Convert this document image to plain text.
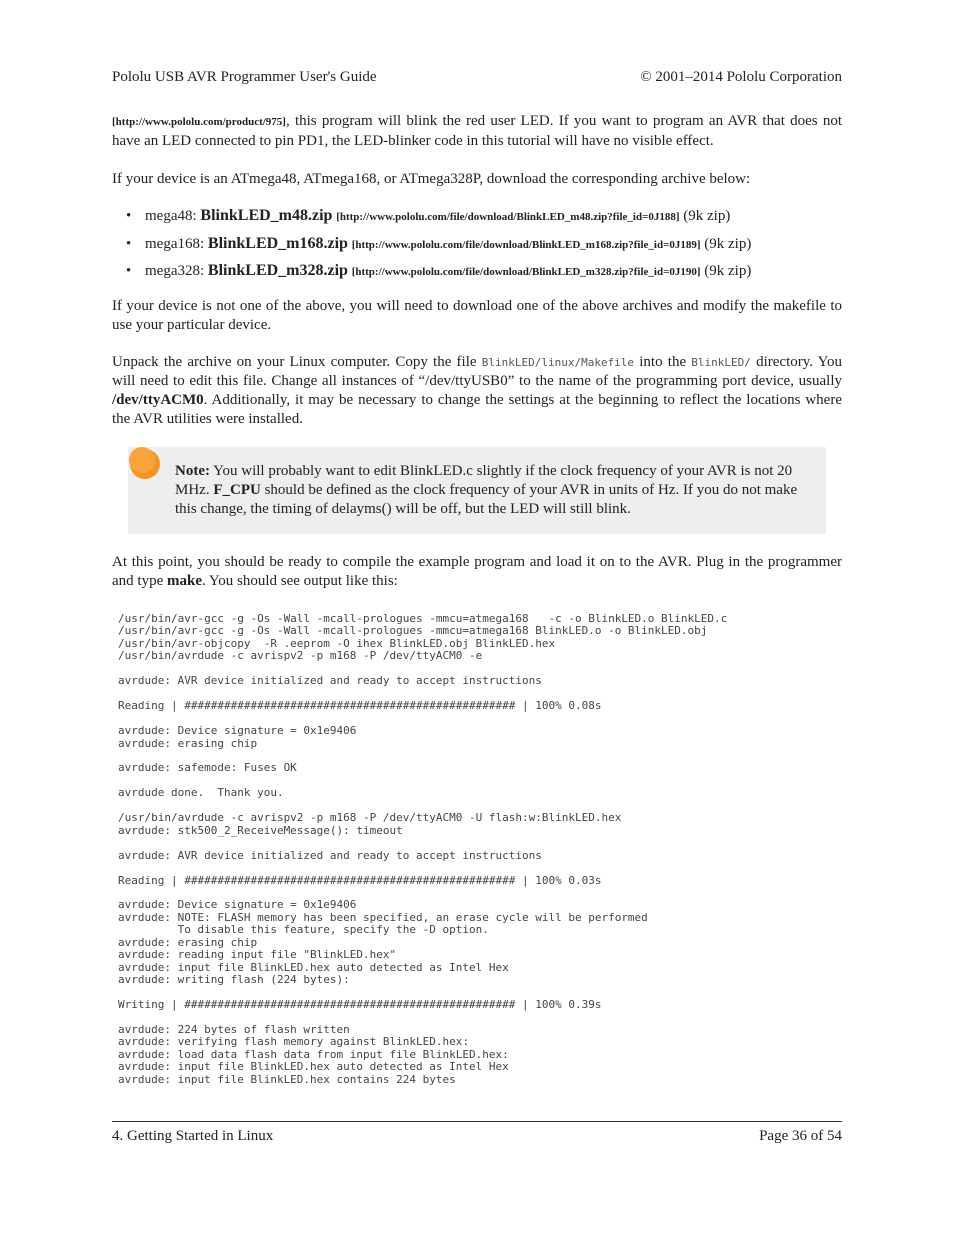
Pololu USB AVR Programmer User's Guide	© 2001–2014 Pololu Corporation
[http://www.pololu.com/product/975], this program will blink the red user LED. If you want to program an AVR that does not have an LED connected to pin PD1, the LED-blinker code in this tutorial will have no visible effect.
If your device is an ATmega48, ATmega168, or ATmega328P, download the corresponding archive below:
• mega48: BlinkLED_m48.zip [http://www.pololu.com/file/download/BlinkLED_m48.zip?file_id=0J188] (9k zip)
• mega168: BlinkLED_m168.zip [http://www.pololu.com/file/download/BlinkLED_m168.zip?file_id=0J189] (9k zip)
• mega328: BlinkLED_m328.zip [http://www.pololu.com/file/download/BlinkLED_m328.zip?file_id=0J190] (9k zip)
If your device is not one of the above, you will need to download one of the above archives and modify the makefile to use your particular device.
Unpack the archive on your Linux computer. Copy the file BlinkLED/linux/Makefile into the BlinkLED/ directory. You will need to edit this file. Change all instances of “/dev/ttyUSB0” to the name of the programming port device, usually /dev/ttyACM0. Additionally, it may be necessary to change the settings at the beginning to reflect the locations where the AVR utilities were installed.
Note: You will probably want to edit BlinkLED.c slightly if the clock frequency of your AVR is not 20 MHz. F_CPU should be defined as the clock frequency of your AVR in units of Hz. If you do not make this change, the timing of delayms() will be off, but the LED will still blink.
At this point, you should be ready to compile the example program and load it on to the AVR. Plug in the programmer and type make. You should see output like this:
/usr/bin/avr-gcc -g -Os -Wall -mcall-prologues -mmcu=atmega168   -c -o BlinkLED.o BlinkLED.c
/usr/bin/avr-gcc -g -Os -Wall -mcall-prologues -mmcu=atmega168 BlinkLED.o -o BlinkLED.obj
/usr/bin/avr-objcopy  -R .eeprom -O ihex BlinkLED.obj BlinkLED.hex
/usr/bin/avrdude -c avrispv2 -p m168 -P /dev/ttyACM0 -e

avrdude: AVR device initialized and ready to accept instructions

Reading | ################################################## | 100% 0.08s

avrdude: Device signature = 0x1e9406
avrdude: erasing chip

avrdude: safemode: Fuses OK

avrdude done.  Thank you.

/usr/bin/avrdude -c avrispv2 -p m168 -P /dev/ttyACM0 -U flash:w:BlinkLED.hex
avrdude: stk500_2_ReceiveMessage(): timeout

avrdude: AVR device initialized and ready to accept instructions

Reading | ################################################## | 100% 0.03s

avrdude: Device signature = 0x1e9406
avrdude: NOTE: FLASH memory has been specified, an erase cycle will be performed
To disable this feature, specify the -D option.
avrdude: erasing chip
avrdude: reading input file "BlinkLED.hex"
avrdude: input file BlinkLED.hex auto detected as Intel Hex
avrdude: writing flash (224 bytes):

Writing | ################################################## | 100% 0.39s

avrdude: 224 bytes of flash written
avrdude: verifying flash memory against BlinkLED.hex:
avrdude: load data flash data from input file BlinkLED.hex:
avrdude: input file BlinkLED.hex auto detected as Intel Hex
avrdude: input file BlinkLED.hex contains 224 bytes
4. Getting Started in Linux	Page 36 of 54
